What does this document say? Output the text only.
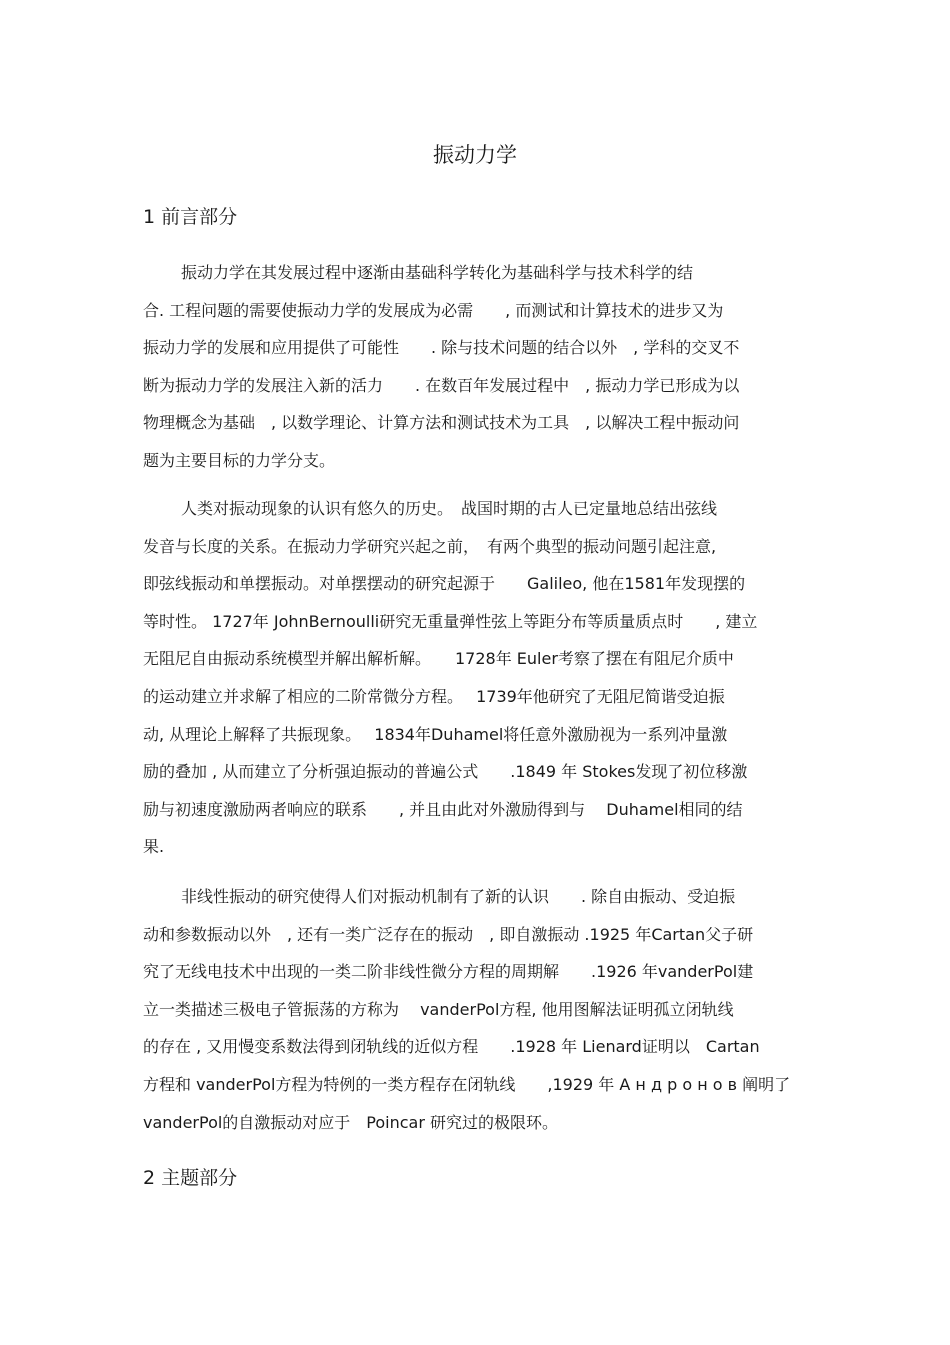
振动力学
1 前言部分
振动力学在其发展过程中逐渐由基础科学转化为基础科学与技术科学的结
合. 工程问题的需要使振动力学的发展成为必需　　, 而测试和计算技术的进步又为
振动力学的发展和应用提供了可能性　　. 除与技术问题的结合以外　, 学科的交叉不
断为振动力学的发展注入新的活力　　. 在数百年发展过程中　, 振动力学已形成为以
物理概念为基础　, 以数学理论、计算方法和测试技术为工具　, 以解决工程中振动问
题为主要目标的力学分支。
人类对振动现象的认识有悠久的历史。　战国时期的古人已定量地总结出弦线
发音与长度的关系。在振动力学研究兴起之前，　有两个典型的振动问题引起注意,
即弦线振动和单摆振动。对单摆摆动的研究起源于　　Galileo, 他在1581年发现摆的
等时性。 1727年 JohnBernoulli研究无重量弹性弦上等距分布等质量质点时　　, 建立
无阻尼自由振动系统模型并解出解析解。　　1728年 Euler考察了摆在有阻尼介质中
的运动建立并求解了相应的二阶常微分方程。　 1739年他研究了无阻尼简谐受迫振
动, 从理论上解释了共振现象。　 1834年Duhamel将任意外激励视为一系列冲量激
励的叠加 , 从而建立了分析强迫振动的普遍公式　　.1849 年 Stokes发现了初位移激
励与初速度激励两者响应的联系　　, 并且由此对外激励得到与　 Duhamel相同的结
果.
非线性振动的研究使得人们对振动机制有了新的认识　　. 除自由振动、受迫振
动和参数振动以外　, 还有一类广泛存在的振动　, 即自激振动 .1925 年Cartan父子研
究了无线电技术中出现的一类二阶非线性微分方程的周期解　　.1926 年vanderPol建
立一类描述三极电子管振荡的方称为　 vanderPol方程, 他用图解法证明孤立闭轨线
的存在 , 又用慢变系数法得到闭轨线的近似方程　　.1928 年 Lienard证明以　Cartan
方程和 vanderPol方程为特例的一类方程存在闭轨线　　,1929 年 А н д р о н о в 阐明了
vanderPol的自激振动对应于　Poincar 研究过的极限环。
2 主题部分
